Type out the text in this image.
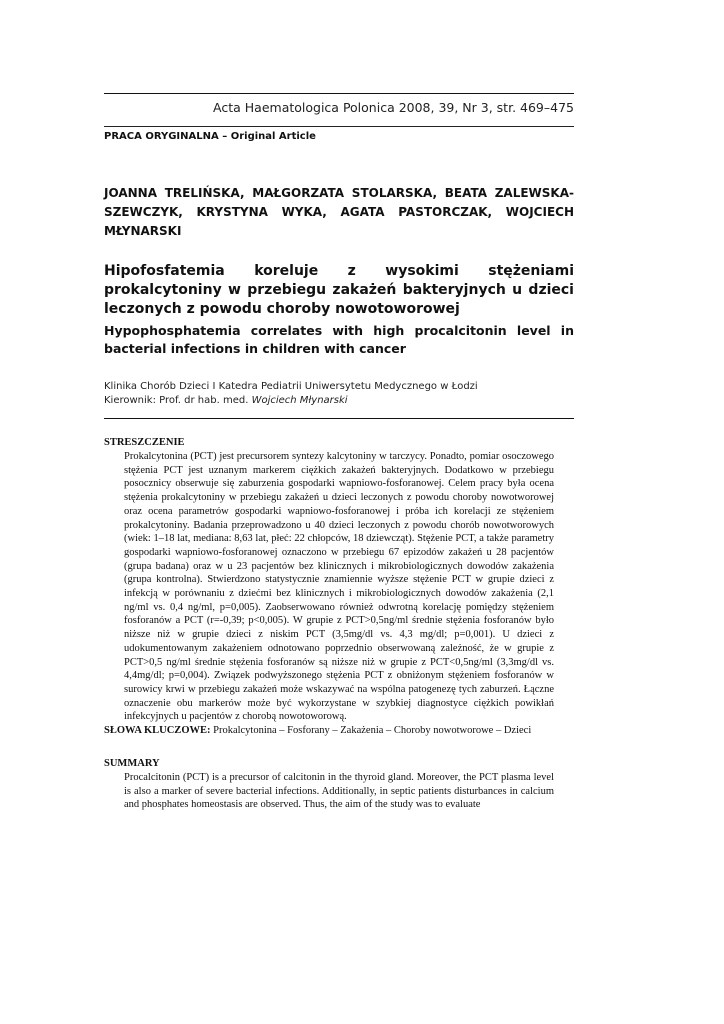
Acta Haematologica Polonica 2008, 39, Nr 3, str. 469–475
PRACA ORYGINALNA – Original Article
JOANNA TRELIŃSKA, MAŁGORZATA STOLARSKA, BEATA ZALEWSKA-SZEWCZYK, KRYSTYNA WYKA, AGATA PASTORCZAK, WOJCIECH MŁYNARSKI
Hipofosfatemia koreluje z wysokimi stężeniami prokalcytoniny w przebiegu zakażeń bakteryjnych u dzieci leczonych z powodu choroby nowotoworowej
Hypophosphatemia correlates with high procalcitonin level in bacterial infections in children with cancer
Klinika Chorób Dzieci I Katedra Pediatrii Uniwersytetu Medycznego w Łodzi
Kierownik: Prof. dr hab. med. Wojciech Młynarski

STRESZCZENIE

Prokalcytonina (PCT) jest precursorem syntezy kalcytoniny w tarczycy. Ponadto, pomiar osoczowego stężenia PCT jest uznanym markerem ciężkich zakażeń bakteryjnych. Dodatkowo w przebiegu posocznicy obserwuje się zaburzenia gospodarki wapniowo-fosforanowej. Celem pracy była ocena stężenia prokalcytoniny w przebiegu zakażeń u dzieci leczonych z powodu choroby nowotworowej oraz ocena parametrów gospodarki wapniowo-fosforanowej i próba ich korelacji ze stężeniem prokalcytoniny. Badania przeprowadzono u 40 dzieci leczonych z powodu chorób nowotworowych (wiek: 1–18 lat, mediana: 8,63 lat, płeć: 22 chłopców, 18 dziewcząt). Stężenie PCT, a także parametry gospodarki wapniowo-fosforanowej oznaczono w przebiegu 67 epizodów zakażeń u 28 pacjentów (grupa badana) oraz w u 23 pacjentów bez klinicznych i mikrobiologicznych dowodów zakażenia (grupa kontrolna). Stwierdzono statystycznie znamiennie wyższe stężenie PCT w grupie dzieci z infekcją w porównaniu z dziećmi bez klinicznych i mikrobiologicznych dowodów zakażenia (2,1 ng/ml vs. 0,4 ng/ml, p=0,005). Zaobserwowano również odwrotną korelację pomiędzy stężeniem fosforanów a PCT (r=-0,39; p<0,005). W grupie z PCT>0,5ng/ml średnie stężenia fosforanów było niższe niż w grupie dzieci z niskim PCT (3,5mg/dl vs. 4,3 mg/dl; p=0,001). U dzieci z udokumentowanym zakażeniem odnotowano poprzednio obserwowaną zależność, że w grupie z PCT>0,5 ng/ml średnie stężenia fosforanów są niższe niż w grupie z PCT<0,5ng/ml (3,3mg/dl vs. 4,4mg/dl; p=0,004). Związek podwyższonego stężenia PCT z obniżonym stężeniem fosforanów w surowicy krwi w przebiegu zakażeń może wskazywać na wspólna patogenezę tych zaburzeń. Łączne oznaczenie obu markerów może być wykorzystane w szybkiej diagnostyce ciężkich powikłań infekcyjnych u pacjentów z chorobą nowotoworową.

SŁOWA KLUCZOWE: Prokalcytonina – Fosforany – Zakażenia – Choroby nowotworowe – Dzieci

SUMMARY

Procalcitonin (PCT) is a precursor of calcitonin in the thyroid gland. Moreover, the PCT plasma level is also a marker of severe bacterial infections. Additionally, in septic patients disturbances in calcium and phosphates homeostasis are observed. Thus, the aim of the study was to evaluate
